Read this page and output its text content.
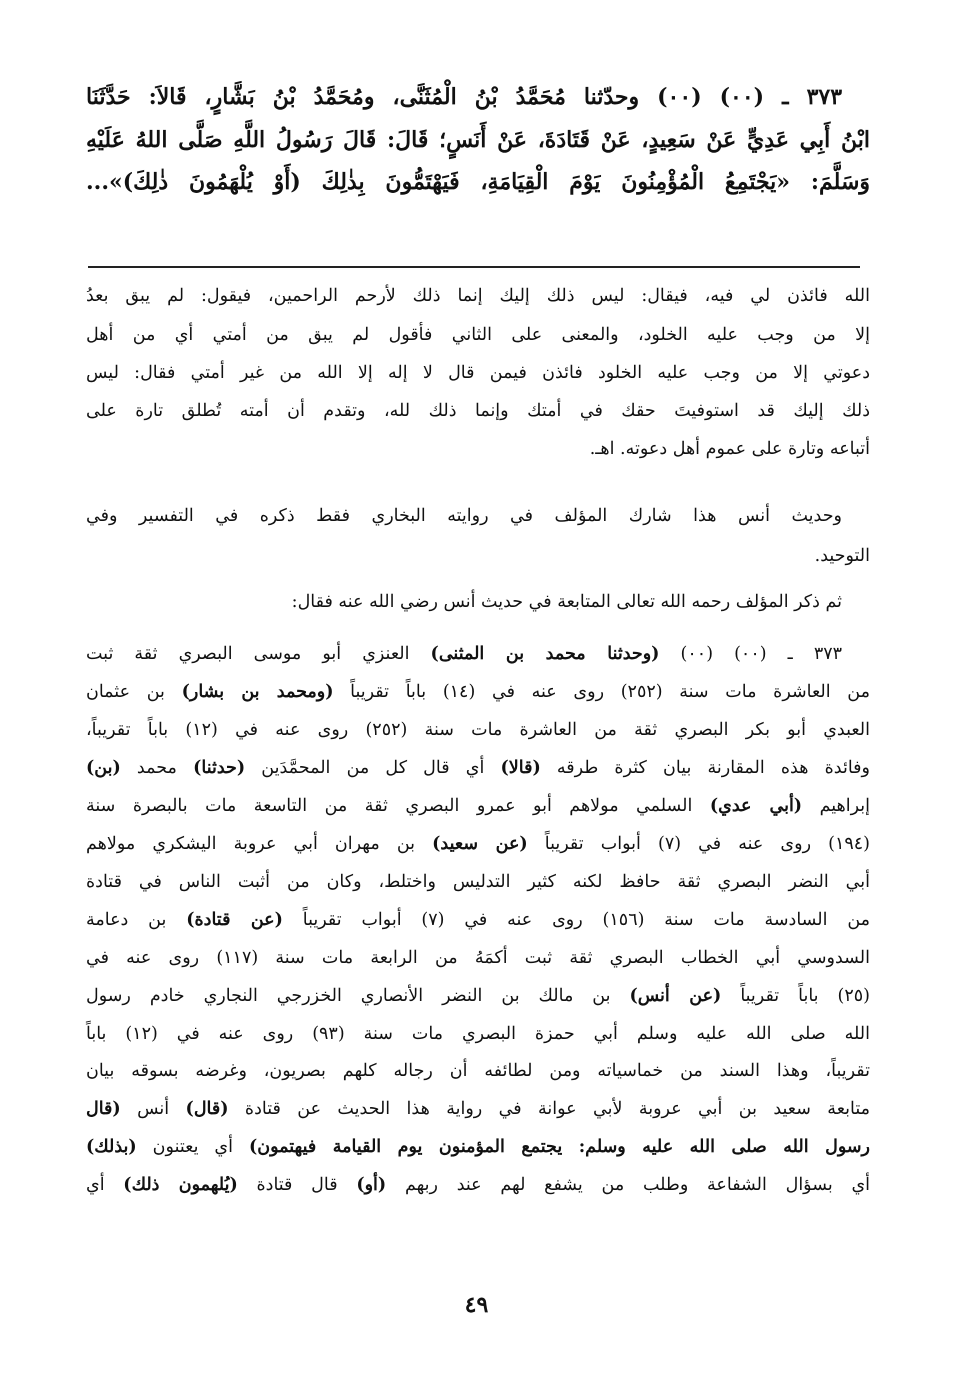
٣٧٣ ـ (٠٠) (٠٠) وحدّثنا مُحَمَّدُ بْنُ الْمُثَنَّى، ومُحَمَّدُ بْنُ بَشَّارٍ، قَالاَ: حَدَّثَنَا
ابْنُ أَبِي عَدِيٍّ عَنْ سَعِيدٍ، عَنْ قَتَادَةَ، عَنْ أَنَسٍ؛ قَالَ: قَالَ رَسُولُ اللَّهِ صَلَّى اللهُ عَلَيْهِ
وَسَلَّمَ: «يَجْتَمِعُ الْمُؤْمِنُونَ يَوْمَ الْقِيَامَةِ، فَيَهْتَمُّونَ بِذٰلِكَ (أَوْ يُلْهَمُونَ ذٰلِكَ)»...
الله فائذن لي فيه، فيقال: ليس ذلك إليك إنما ذلك لأرحم الراحمين، فيقول: لم يبق بعدُ
إلا من وجب عليه الخلود، والمعنى على الثاني فأقول لم يبق من أمتي أي من أهل
دعوتي إلا من وجب عليه الخلود فائذن فيمن قال لا إله إلا الله من غير أمتي فقال: ليس
ذلك إليك قد استوفيتَ حقك في أمتك وإنما ذلك لله، وتقدم أن أمته تُطلق تارة على
أتباعه وتارة على عموم أهل دعوته. اهـ.
وحديث أنس هذا شارك المؤلف في روايته البخاري فقط ذكره في التفسير وفي
التوحيد.
ثم ذكر المؤلف رحمه الله تعالى المتابعة في حديث أنس رضي الله عنه فقال:
٣٧٣ ـ (٠٠) (٠٠) (وحدثنا محمد بن المثنى) العنزي أبو موسى البصري ثقة ثبت
من العاشرة مات سنة (٢٥٢) روى عنه في (١٤) باباً تقريباً (ومحمد بن بشار) بن عثمان
العبدي أبو بكر البصري ثقة من العاشرة مات سنة (٢٥٢) روى عنه في (١٢) باباً تقريباً،
وفائدة هذه المقارنة بيان كثرة طرقه (قالا) أي قال كل من المحمَّدَين (حدثنا) محمد (بن)
إبراهيم (أبي عدي) السلمي مولاهم أبو عمرو البصري ثقة من التاسعة مات بالبصرة سنة
(١٩٤) روى عنه في (٧) أبواب تقريباً (عن سعيد) بن مهران أبي عروبة اليشكري مولاهم
أبي النضر البصري ثقة حافظ لكنه كثير التدليس واختلط، وكان من أثبت الناس في قتادة
من السادسة مات سنة (١٥٦) روى عنه في (٧) أبواب تقريباً (عن قتادة) بن دعامة
السدوسي أبي الخطاب البصري ثقة ثبت أكمَهُ من الرابعة مات سنة (١١٧) روى عنه في
(٢٥) باباً تقريباً (عن أنس) بن مالك بن النضر الأنصاري الخزرجي النجاري خادم رسول
الله صلى الله عليه وسلم أبي حمزة البصري مات سنة (٩٣) روى عنه في (١٢) باباً
تقريباً، وهذا السند من خماسياته ومن لطائفه أن رجاله كلهم بصريون، وغرضه بسوقه بيان
متابعة سعيد بن أبي عروبة لأبي عوانة في رواية هذا الحديث عن قتادة (قال) أنس (قال
رسول الله صلى الله عليه وسلم: يجتمع المؤمنون يوم القيامة فيهتمون) أي يعتنون (بذلك)
أي بسؤال الشفاعة وطلب من يشفع لهم عند ربهم (أو) قال قتادة (يُلهمون ذلك) أي
٤٩
